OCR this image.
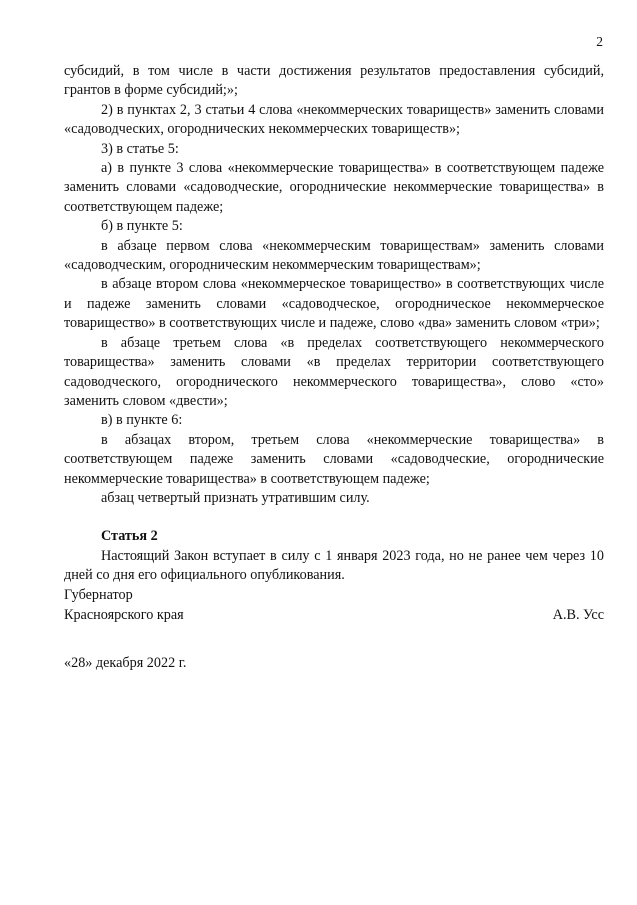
2

субсидий, в том числе в части достижения результатов предоставления субсидий, грантов в форме субсидий;»;

2) в пунктах 2, 3 статьи 4 слова «некоммерческих товариществ» заменить словами «садоводческих, огороднических некоммерческих товариществ»;

3) в статье 5:

а) в пункте 3 слова «некоммерческие товарищества» в соответствующем падеже заменить словами «садоводческие, огороднические некоммерческие товарищества» в соответствующем падеже;

б) в пункте 5:

в абзаце первом слова «некоммерческим товариществам» заменить словами «садоводческим, огородническим некоммерческим товариществам»;

в абзаце втором слова «некоммерческое товарищество» в соответствующих числе и падеже заменить словами «садоводческое, огородническое некоммерческое товарищество» в соответствующих числе и падеже, слово «два» заменить словом «три»;

в абзаце третьем слова «в пределах соответствующего некоммерческого товарищества» заменить словами «в пределах территории соответствующего садоводческого, огороднического некоммерческого товарищества», слово «сто» заменить словом «двести»;

в) в пункте 6:

в абзацах втором, третьем слова «некоммерческие товарищества» в соответствующем падеже заменить словами «садоводческие, огороднические некоммерческие товарищества» в соответствующем падеже;

абзац четвертый признать утратившим силу.

Статья 2

Настоящий Закон вступает в силу с 1 января 2023 года, но не ранее чем через 10 дней со дня его официального опубликования.

Губернатор
Красноярского края	А.В. Усс
«28» декабря 2022 г.
